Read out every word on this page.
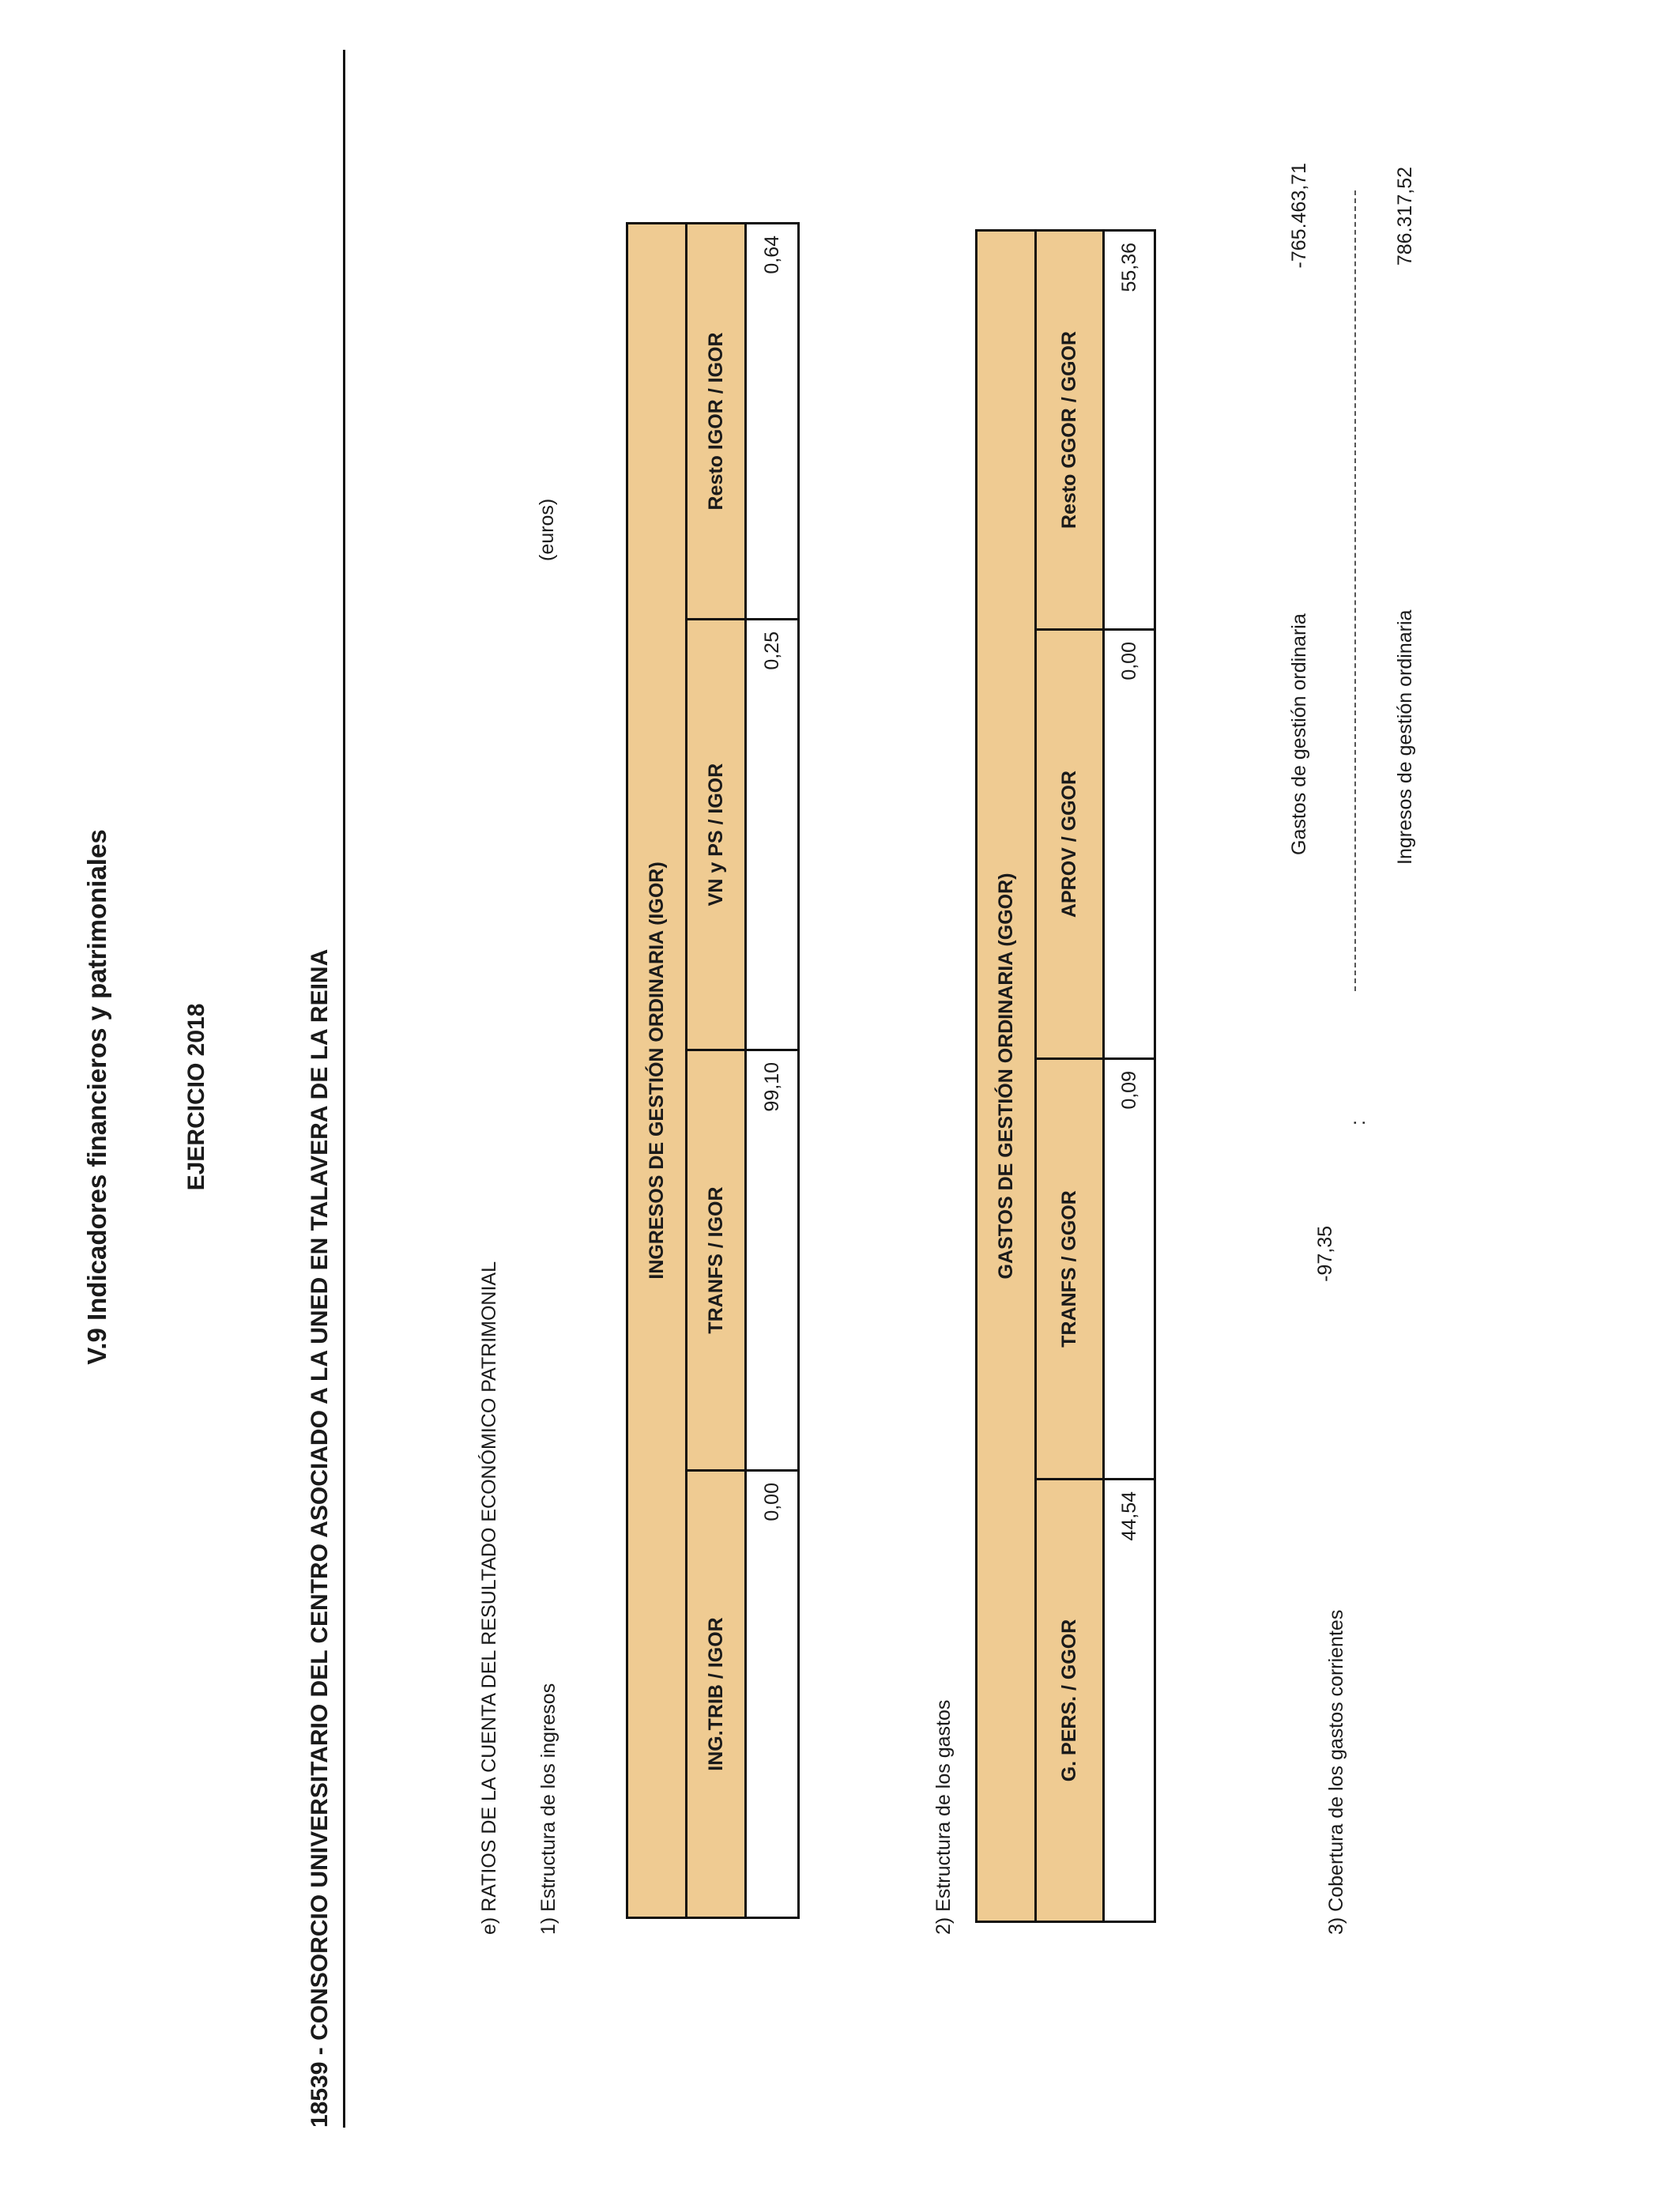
V.9 Indicadores financieros y patrimoniales	EJERCICIO 2018	18539 - CONSORCIO UNIVERSITARIO DEL CENTRO ASOCIADO A LA UNED EN TALAVERA DE LA REINA	e) RATIOS DE LA CUENTA DEL RESULTADO ECONÓMICO PATRIMONIAL 1) Estructura de los ingresos
(euros)
INGRESOS DE GESTIÓN ORDINARIA (IGOR)			
ING.TRIB / IGOR	TRANFS / IGOR	VN y PS / IGOR	Resto IGOR / IGOR
0,00	99,10	0,25	0,64
2) Estructura de los gastos
GASTOS DE GESTIÓN ORDINARIA (GGOR)			
G. PERS. / GGOR	TRANFS / GGOR	APROV / GGOR	Resto GGOR / GGOR
44,54	0,09	0,00	55,36
3) Cobertura de los gastos corrientes
-97,35
:
Gastos de gestión ordinaria
-765.463,71
Ingresos de gestión ordinaria
786.317,52
